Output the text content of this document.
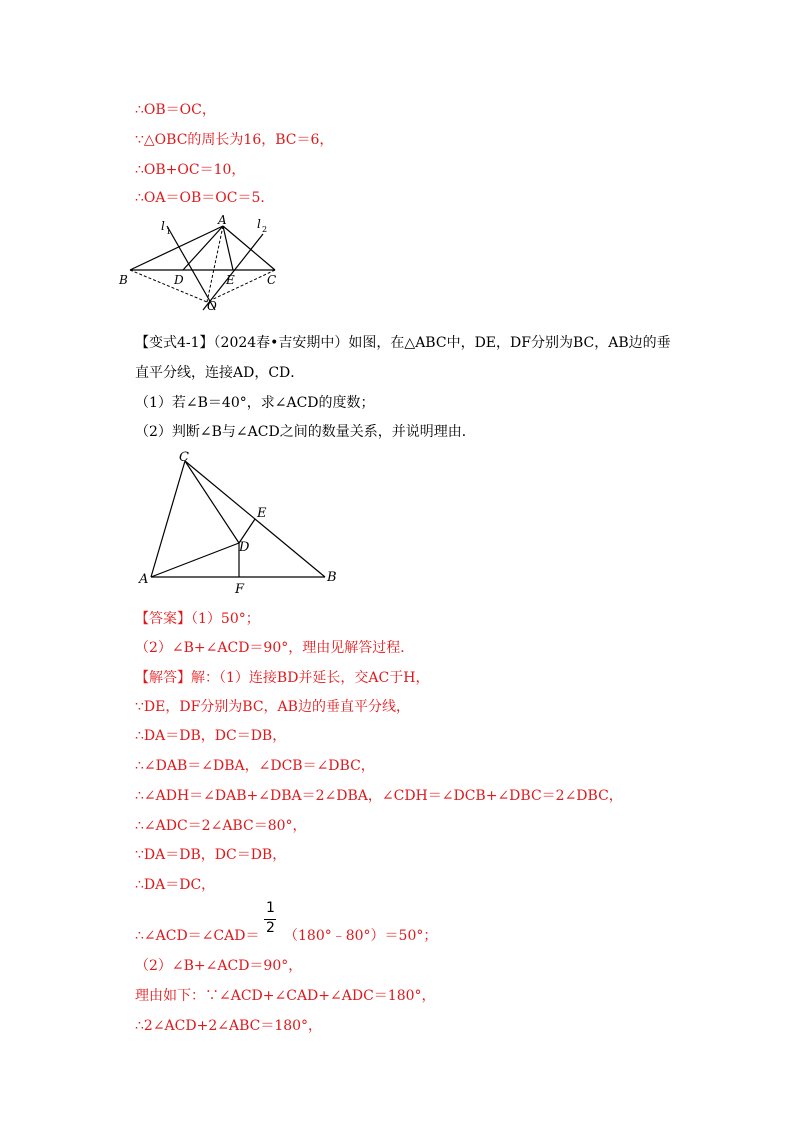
∴OB＝OC，
∵△OBC的周长为16，BC＝6，
∴OB+OC＝10，
∴OA＝OB＝OC＝5．
A
B	C
D	E
O
l 1
l 2
【变式4-1】（2024春•吉安期中）如图，在△ABC中，DE，DF分别为BC，AB边的垂
直平分线，连接AD，CD．
（1）若∠B＝40°，求∠ACD的度数；
（2）判断∠B与∠ACD之间的数量关系，并说明理由．
C
A	B
E
D
F
【答案】（1）50°；
（2）∠B+∠ACD＝90°，理由见解答过程．
【解答】解：（1）连接BD并延长，交AC于H，
∵DE，DF分别为BC，AB边的垂直平分线，
∴DA＝DB，DC＝DB，
∴∠DAB＝∠DBA，∠DCB＝∠DBC，
∴∠ADH＝∠DAB+∠DBA＝2∠DBA，∠CDH＝∠DCB+∠DBC＝2∠DBC，
∴∠ADC＝2∠ABC＝80°，
∵DA＝DB，DC＝DB，
∴DA＝DC，
∴∠ACD＝∠CAD＝
1
2 （180°﹣80°）＝50°；
（2）∠B+∠ACD＝90°，
理由如下：∵∠ACD+∠CAD+∠ADC＝180°，
∴2∠ACD+2∠ABC＝180°，
